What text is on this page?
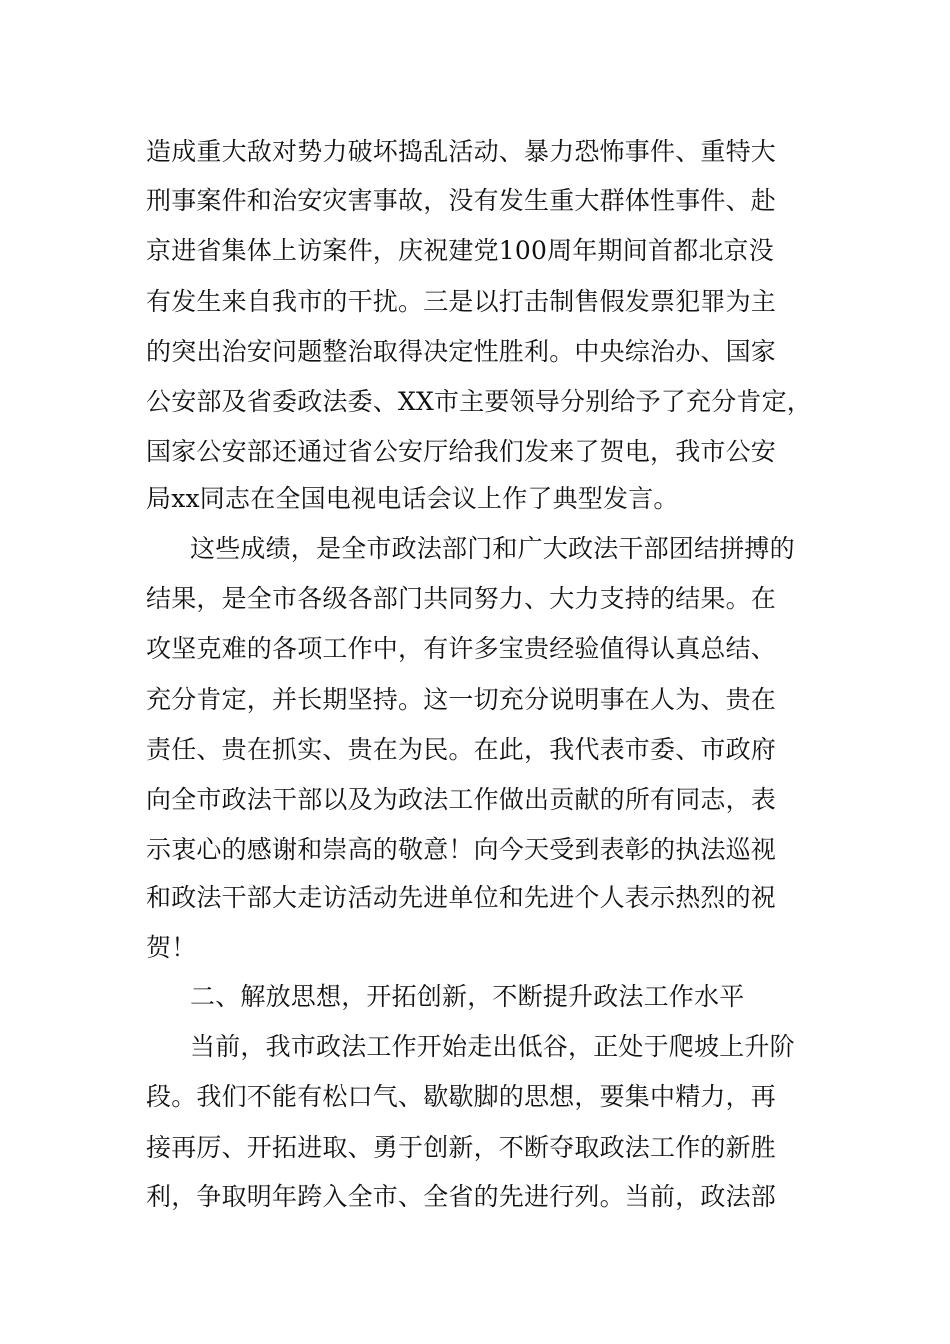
造成重大敌对势力破坏捣乱活动、暴力恐怖事件、重特大
刑事案件和治安灾害事故，没有发生重大群体性事件、赴
京进省集体上访案件，庆祝建党100周年期间首都北京没
有发生来自我市的干扰。三是以打击制售假发票犯罪为主
的突出治安问题整治取得决定性胜利。中央综治办、国家
公安部及省委政法委、XX市主要领导分别给予了充分肯定，
国家公安部还通过省公安厅给我们发来了贺电，我市公安
局xx同志在全国电视电话会议上作了典型发言。
这些成绩，是全市政法部门和广大政法干部团结拼搏的
结果，是全市各级各部门共同努力、大力支持的结果。在
攻坚克难的各项工作中，有许多宝贵经验值得认真总结、
充分肯定，并长期坚持。这一切充分说明事在人为、贵在
责任、贵在抓实、贵在为民。在此，我代表市委、市政府
向全市政法干部以及为政法工作做出贡献的所有同志，表
示衷心的感谢和崇高的敬意！向今天受到表彰的执法巡视
和政法干部大走访活动先进单位和先进个人表示热烈的祝
贺！
二、解放思想，开拓创新，不断提升政法工作水平
当前，我市政法工作开始走出低谷，正处于爬坡上升阶
段。我们不能有松口气、歇歇脚的思想，要集中精力，再
接再厉、开拓进取、勇于创新，不断夺取政法工作的新胜
利，争取明年跨入全市、全省的先进行列。当前，政法部
